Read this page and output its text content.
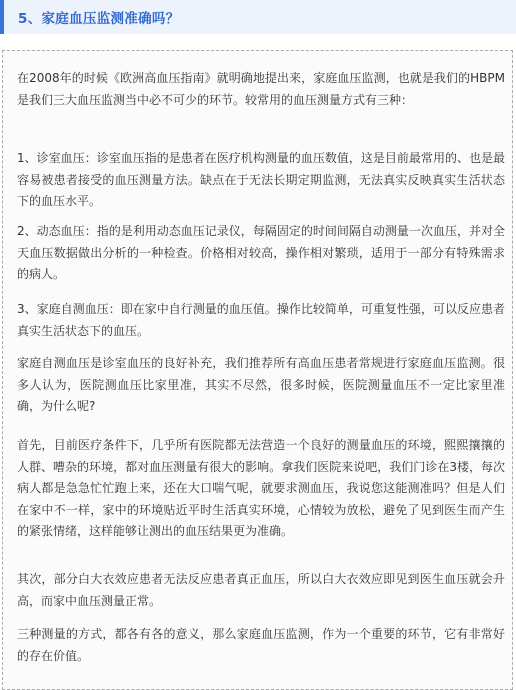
5、家庭血压监测准确吗？

在2008年的时候《欧洲高血压指南》就明确地提出来，家庭血压监测，也就是我们的HBPM是我们三大血压监测当中必不可少的环节。较常用的血压测量方式有三种：

1、诊室血压：诊室血压指的是患者在医疗机构测量的血压数值，这是目前最常用的、也是最容易被患者接受的血压测量方法。缺点在于无法长期定期监测，无法真实反映真实生活状态下的血压水平。

2、动态血压：指的是利用动态血压记录仪，每隔固定的时间间隔自动测量一次血压，并对全天血压数据做出分析的一种检查。价格相对较高，操作相对繁琐，适用于一部分有特殊需求的病人。

3、家庭自测血压：即在家中自行测量的血压值。操作比较简单，可重复性强，可以反应患者真实生活状态下的血压。

家庭自测血压是诊室血压的良好补充，我们推荐所有高血压患者常规进行家庭血压监测。很多人认为，医院测血压比家里准，其实不尽然，很多时候，医院测量血压不一定比家里准确，为什么呢?

首先，目前医疗条件下，几乎所有医院都无法营造一个良好的测量血压的环境，熙熙攘攘的人群、嘈杂的环境，都对血压测量有很大的影响。拿我们医院来说吧，我们门诊在3楼，每次病人都是急急忙忙跑上来，还在大口喘气呢，就要求测血压，我说您这能测准吗？但是人们在家中不一样，家中的环境贴近平时生活真实环境，心情较为放松，避免了见到医生而产生的紧张情绪，这样能够让测出的血压结果更为准确。

其次，部分白大衣效应患者无法反应患者真正血压，所以白大衣效应即见到医生血压就会升高，而家中血压测量正常。

三种测量的方式，都各有各的意义，那么家庭血压监测，作为一个重要的环节，它有非常好的存在价值。
